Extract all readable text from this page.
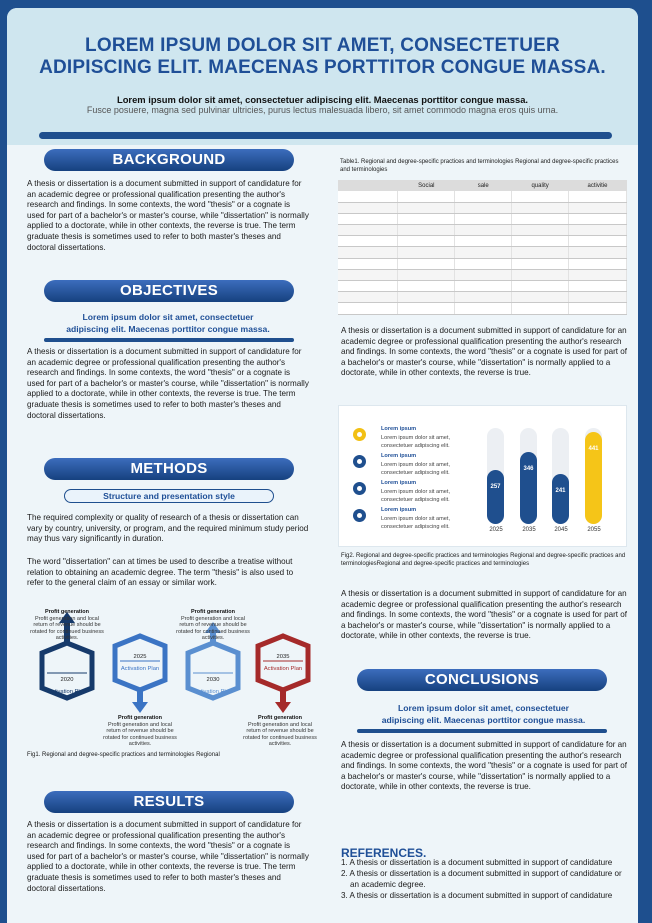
LOREM IPSUM DOLOR SIT AMET, CONSECTETUER
ADIPISCING ELIT. MAECENAS PORTTITOR CONGUE MASSA.
Lorem ipsum dolor sit amet, consectetuer adipiscing elit. Maecenas porttitor congue massa.
Fusce posuere, magna sed pulvinar ultricies, purus lectus malesuada libero, sit amet commodo magna eros quis urna.
BACKGROUND
A thesis or dissertation is a document submitted in support of candidature for an academic degree or professional qualification presenting the author's research and findings. In some contexts, the word "thesis" or a cognate is used for part of a bachelor's or master's course, while "dissertation" is normally applied to a doctorate, while in other contexts, the reverse is true. The term graduate thesis is sometimes used to refer to both master's theses and doctoral dissertations.
OBJECTIVES
Lorem ipsum dolor sit amet, consectetuer
adipiscing elit. Maecenas porttitor congue massa.
A thesis or dissertation is a document submitted in support of candidature for an academic degree or professional qualification presenting the author's research and findings. In some contexts, the word "thesis" or a cognate is used for part of a bachelor's or master's course, while "dissertation" is normally applied to a doctorate, while in other contexts, the reverse is true. The term graduate thesis is sometimes used to refer to both master's theses and doctoral dissertations.
METHODS
Structure and presentation style
The required complexity or quality of research of a thesis or dissertation can vary by country, university, or program, and the required minimum study period may thus vary significantly in duration.
The word "dissertation" can at times be used to describe a treatise without relation to obtaining an academic degree. The term "thesis" is also used to refer to the general claim of an essay or similar work.
Profit generation
Profit generation and local return of revenue should be rotated for continued business activities.
2020
Activation Plan
2025
Activation Plan
Profit generation
Profit generation and local return of revenue should be rotated for continued business activities.
Profit generation
Profit generation and local return of revenue should be rotated for continued business activities.
2030
Activation Plan
2035
Activation Plan
Profit generation
Profit generation and local return of revenue should be rotated for continued business activities.
Fig1. Regional and degree-specific practices and terminologies Regional
RESULTS
A thesis or dissertation is a document submitted in support of candidature for an academic degree or professional qualification presenting the author's research and findings. In some contexts, the word "thesis" or a cognate is used for part of a bachelor's or master's course, while "dissertation" is normally applied to a doctorate, while in other contexts, the reverse is true. The term graduate thesis is sometimes used to refer to both master's theses and doctoral dissertations.
Table1. Regional and degree-specific practices and terminologies Regional and degree-specific practices and terminologies
	Social	sale	quality	activitie

A thesis or dissertation is a document submitted in support of candidature for an academic degree or professional qualification presenting the author's research and findings. In some contexts, the word "thesis" or a cognate is used for part of a bachelor's or master's course, while "dissertation" is normally applied to a doctorate, while in other contexts, the reverse is true.
Lorem ipsum
Lorem ipsum dolor sit amet, consectetuer adipiscing elit.
Lorem ipsum
Lorem ipsum dolor sit amet, consectetuer adipiscing elit.
Lorem ipsum
Lorem ipsum dolor sit amet, consectetuer adipiscing elit.
Lorem ipsum
Lorem ipsum dolor sit amet, consectetuer adipiscing elit.
257
2025
346
2035
241
2045
441
2055
Fig2. Regional and degree-specific practices and terminologies Regional and degree-specific practices and terminologiesRegional and degree-specific practices and terminologies
A thesis or dissertation is a document submitted in support of candidature for an academic degree or professional qualification presenting the author's research and findings. In some contexts, the word "thesis" or a cognate is used for part of a bachelor's or master's course, while "dissertation" is normally applied to a doctorate, while in other contexts, the reverse is true.
CONCLUSIONS
Lorem ipsum dolor sit amet, consectetuer
adipiscing elit. Maecenas porttitor congue massa.
A thesis or dissertation is a document submitted in support of candidature for an academic degree or professional qualification presenting the author's research and findings. In some contexts, the word "thesis" or a cognate is used for part of a bachelor's or master's course, while "dissertation" is normally applied to a doctorate, while in other contexts, the reverse is true.
REFERENCES.
1. A thesis or dissertation is a document submitted in support of candidature
2. A thesis or dissertation is a document submitted in support of candidature or an academic degree.
3. A thesis or dissertation is a document submitted in support of candidature
